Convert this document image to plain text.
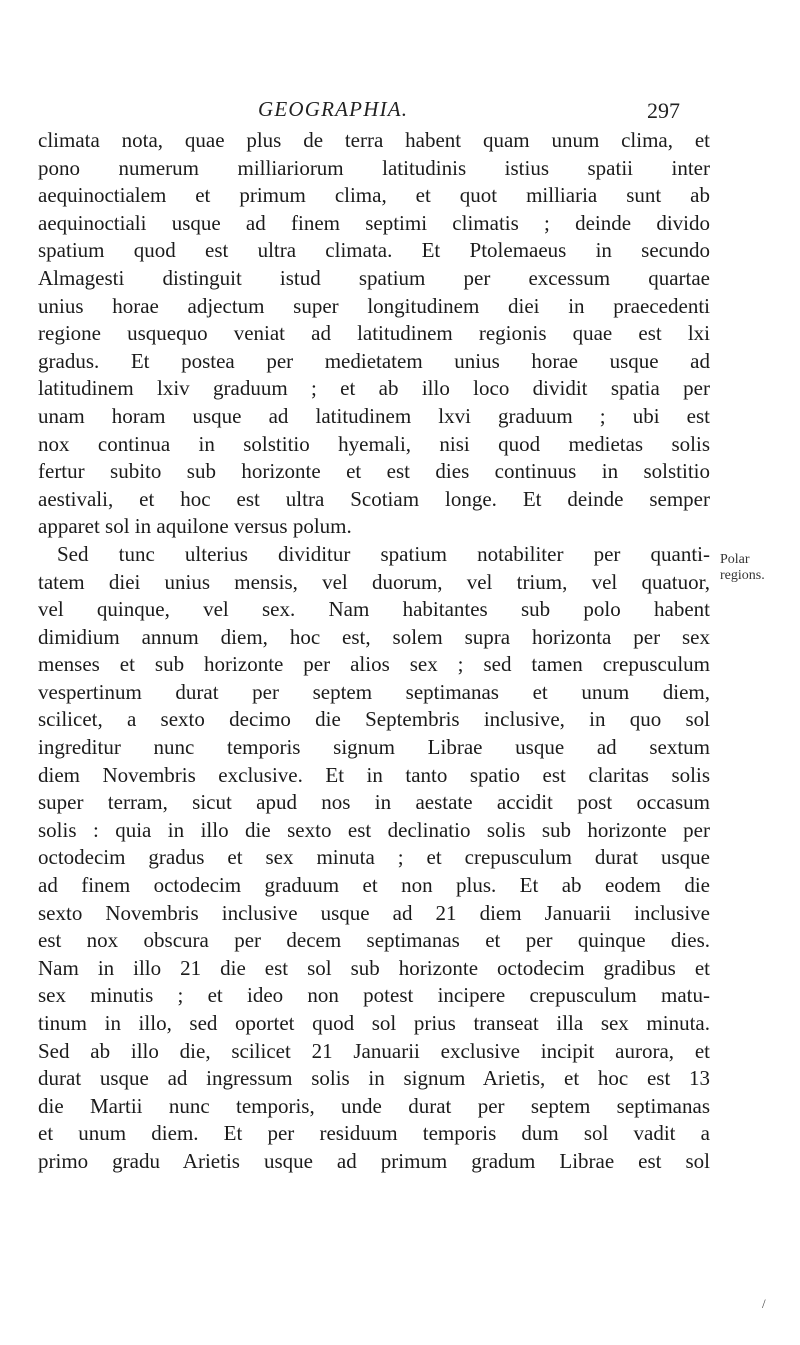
GEOGRAPHIA.	297
climata nota, quae plus de terra habent quam unum clima, et
pono numerum milliariorum latitudinis istius spatii inter
aequinoctialem et primum clima, et quot milliaria sunt ab
aequinoctiali usque ad finem septimi climatis ; deinde divido
spatium quod est ultra climata. Et Ptolemaeus in secundo
Almagesti distinguit istud spatium per excessum quartae
unius horae adjectum super longitudinem diei in praecedenti
regione usquequo veniat ad latitudinem regionis quae est lxi
gradus. Et postea per medietatem unius horae usque ad
latitudinem lxiv graduum ; et ab illo loco dividit spatia per
unam horam usque ad latitudinem lxvi graduum ; ubi est
nox continua in solstitio hyemali, nisi quod medietas solis
fertur subito sub horizonte et est dies continuus in solstitio
aestivali, et hoc est ultra Scotiam longe. Et deinde semper
apparet sol in aquilone versus polum.
Sed tunc ulterius dividitur spatium notabiliter per quanti-
tatem diei unius mensis, vel duorum, vel trium, vel quatuor,
vel quinque, vel sex. Nam habitantes sub polo habent
dimidium annum diem, hoc est, solem supra horizonta per sex
menses et sub horizonte per alios sex ; sed tamen crepusculum
vespertinum durat per septem septimanas et unum diem,
scilicet, a sexto decimo die Septembris inclusive, in quo sol
ingreditur nunc temporis signum Librae usque ad sextum
diem Novembris exclusive. Et in tanto spatio est claritas solis
super terram, sicut apud nos in aestate accidit post occasum
solis : quia in illo die sexto est declinatio solis sub horizonte per
octodecim gradus et sex minuta ; et crepusculum durat usque
ad finem octodecim graduum et non plus. Et ab eodem die
sexto Novembris inclusive usque ad 21 diem Januarii inclusive
est nox obscura per decem septimanas et per quinque dies.
Nam in illo 21 die est sol sub horizonte octodecim gradibus et
sex minutis ; et ideo non potest incipere crepusculum matu-
tinum in illo, sed oportet quod sol prius transeat illa sex minuta.
Sed ab illo die, scilicet 21 Januarii exclusive incipit aurora, et
durat usque ad ingressum solis in signum Arietis, et hoc est 13
die Martii nunc temporis, unde durat per septem septimanas
et unum diem. Et per residuum temporis dum sol vadit a
primo gradu Arietis usque ad primum gradum Librae est sol
Polar
regions.
/
